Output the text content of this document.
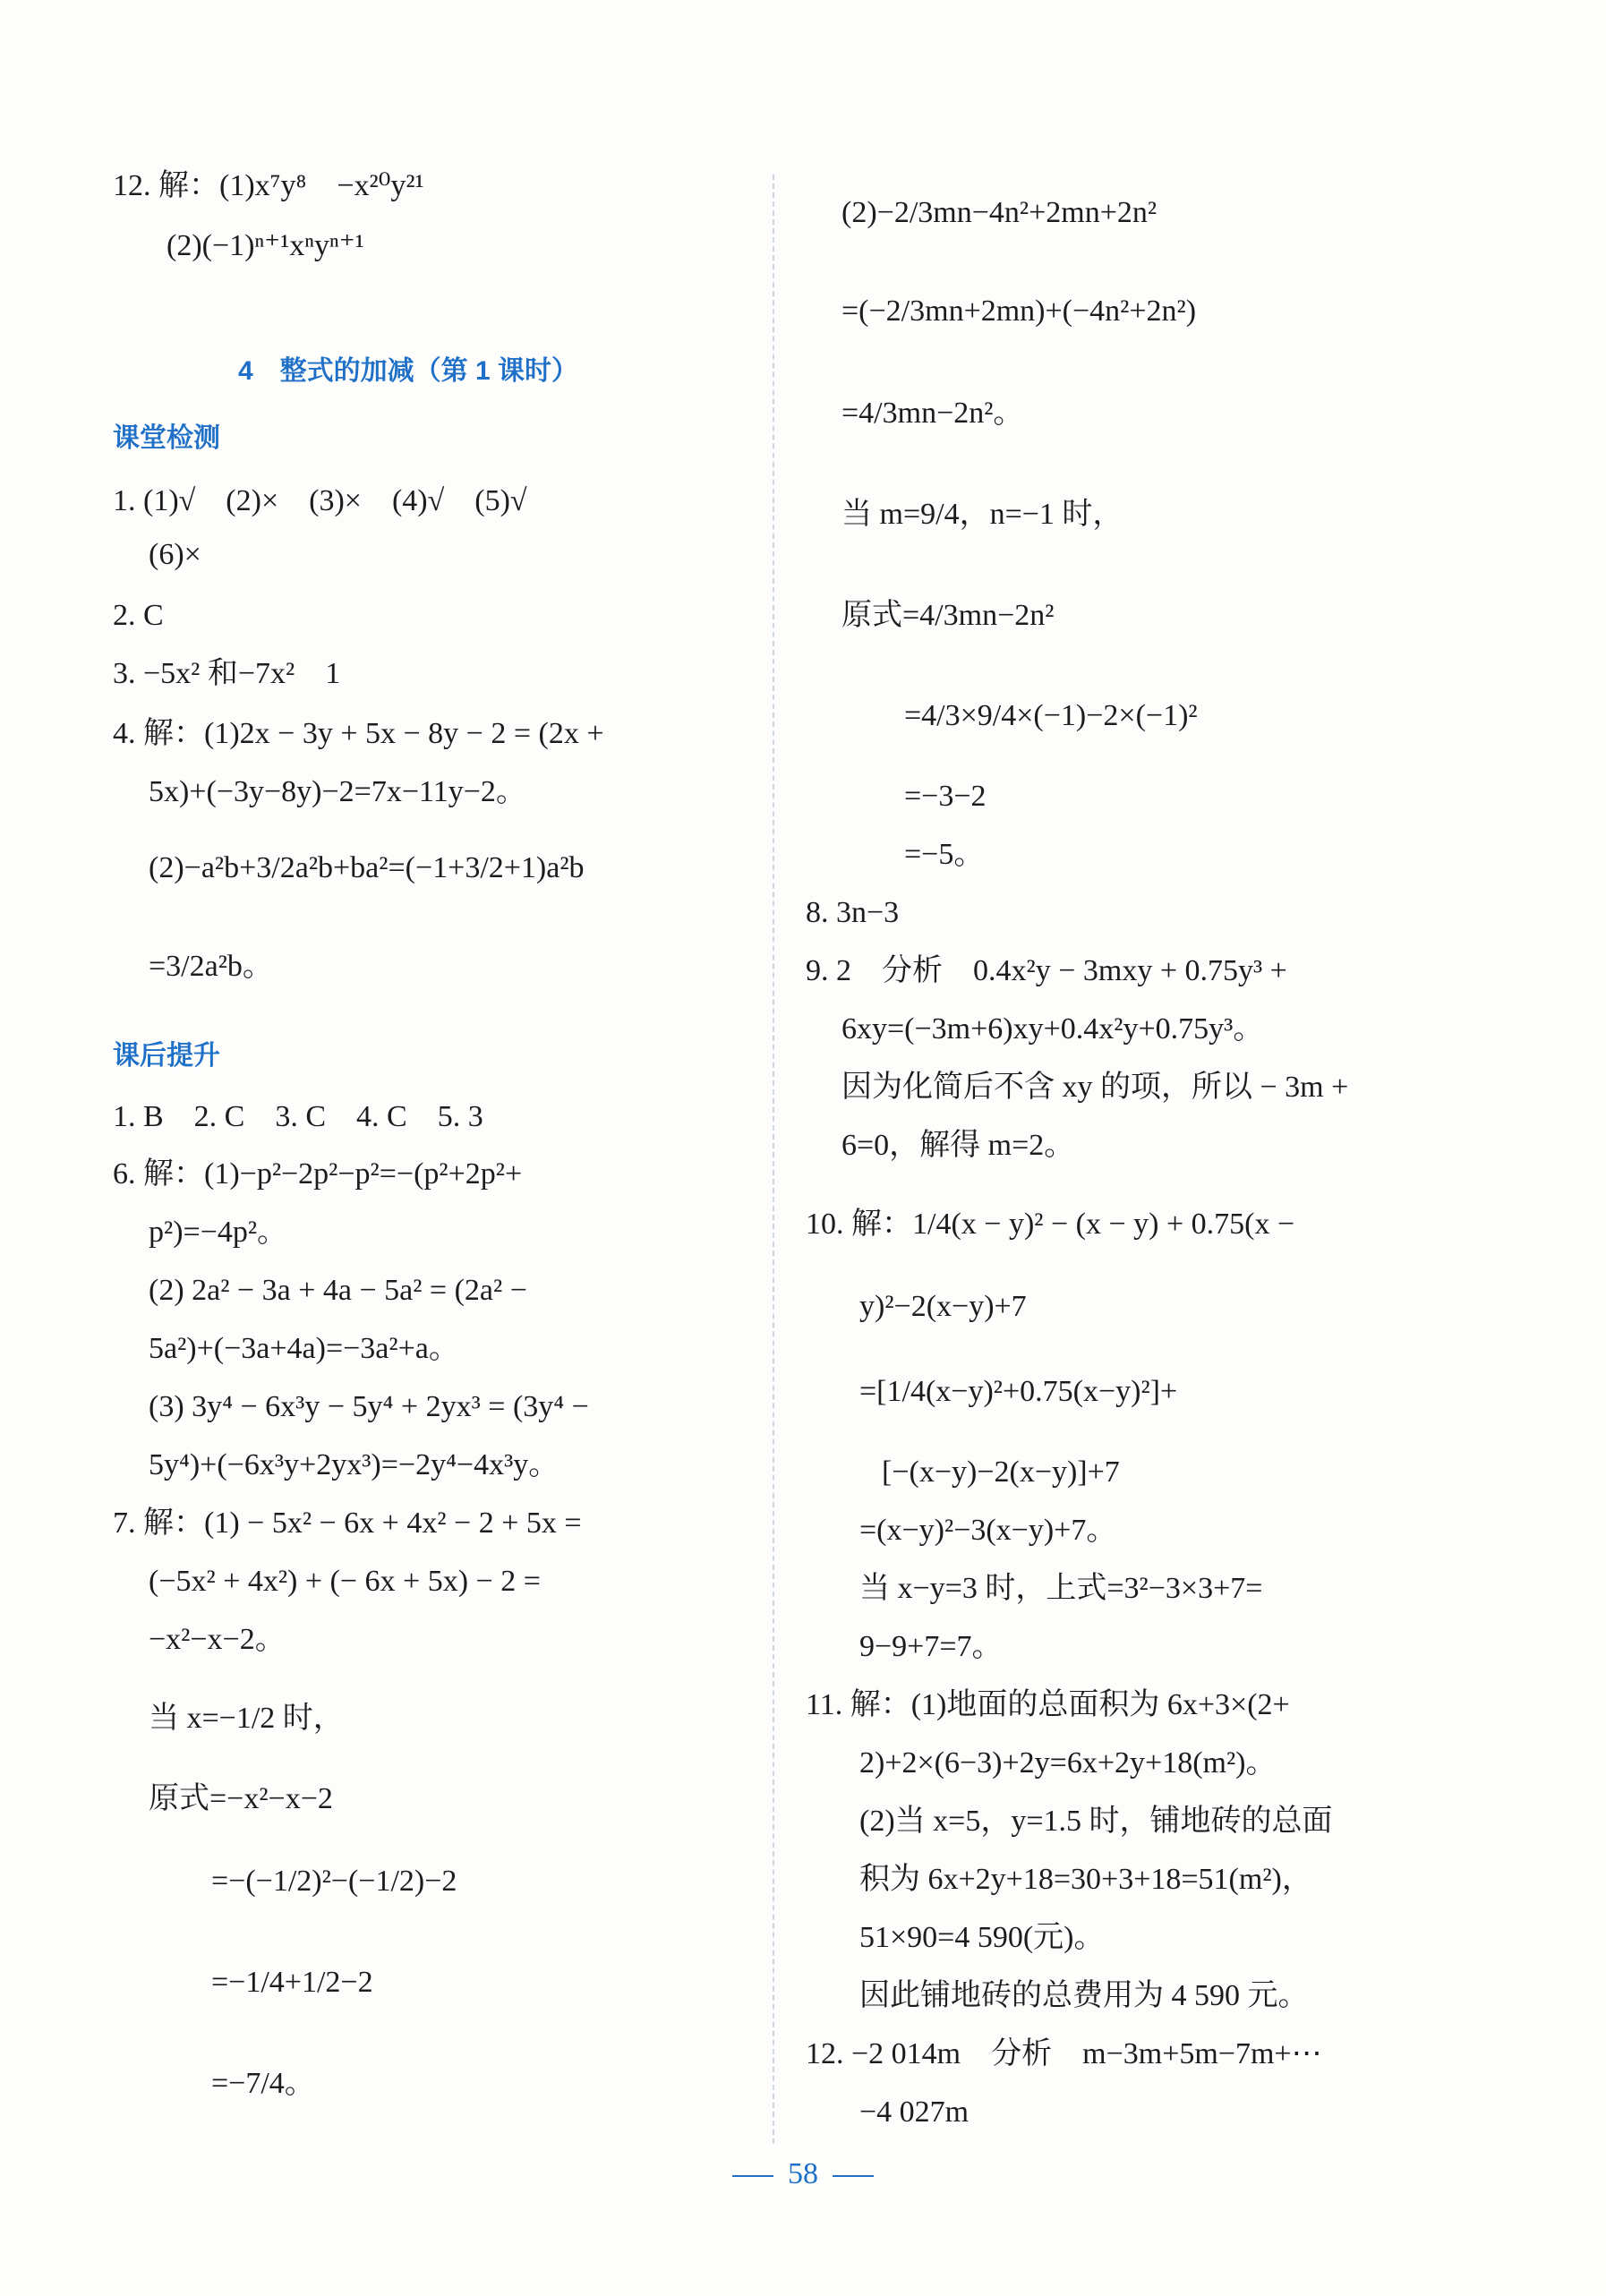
12. 解：(1)x⁷y⁸　−x²⁰y²¹
(2)(−1)ⁿ⁺¹xⁿyⁿ⁺¹
4　整式的加减（第 1 课时）
课堂检测
1. (1)√　(2)×　(3)×　(4)√　(5)√
(6)×
2. C
3. −5x² 和−7x²　1
4. 解：(1)2x − 3y + 5x − 8y − 2 = (2x +
5x)+(−3y−8y)−2=7x−11y−2。
(2)−a²b+3/2a²b+ba²=(−1+3/2+1)a²b
=3/2a²b。
课后提升
1. B　2. C　3. C　4. C　5. 3
6. 解：(1)−p²−2p²−p²=−(p²+2p²+
p²)=−4p²。
(2) 2a² − 3a + 4a − 5a² = (2a² −
5a²)+(−3a+4a)=−3a²+a。
(3) 3y⁴ − 6x³y − 5y⁴ + 2yx³ = (3y⁴ −
5y⁴)+(−6x³y+2yx³)=−2y⁴−4x³y。
7. 解：(1) − 5x² − 6x + 4x² − 2 + 5x =
(−5x² + 4x²) + (− 6x + 5x) − 2 =
−x²−x−2。
当 x=−1/2 时，
原式=−x²−x−2
=−(−1/2)²−(−1/2)−2
=−1/4+1/2−2
=−7/4。
(2)−2/3mn−4n²+2mn+2n²
=(−2/3mn+2mn)+(−4n²+2n²)
=4/3mn−2n²。
当 m=9/4，n=−1 时，
原式=4/3mn−2n²
=4/3×9/4×(−1)−2×(−1)²
=−3−2
=−5。
8. 3n−3
9. 2　分析　0.4x²y − 3mxy + 0.75y³ +
6xy=(−3m+6)xy+0.4x²y+0.75y³。
因为化简后不含 xy 的项，所以 − 3m +
6=0，解得 m=2。
10. 解：1/4(x − y)² − (x − y) + 0.75(x −
y)²−2(x−y)+7
=[1/4(x−y)²+0.75(x−y)²]+
[−(x−y)−2(x−y)]+7
=(x−y)²−3(x−y)+7。
当 x−y=3 时，上式=3²−3×3+7=
9−9+7=7。
11. 解：(1)地面的总面积为 6x+3×(2+
2)+2×(6−3)+2y=6x+2y+18(m²)。
(2)当 x=5，y=1.5 时，铺地砖的总面
积为 6x+2y+18=30+3+18=51(m²)，
51×90=4 590(元)。
因此铺地砖的总费用为 4 590 元。
12. −2 014m　分析　m−3m+5m−7m+⋯
−4 027m
58
